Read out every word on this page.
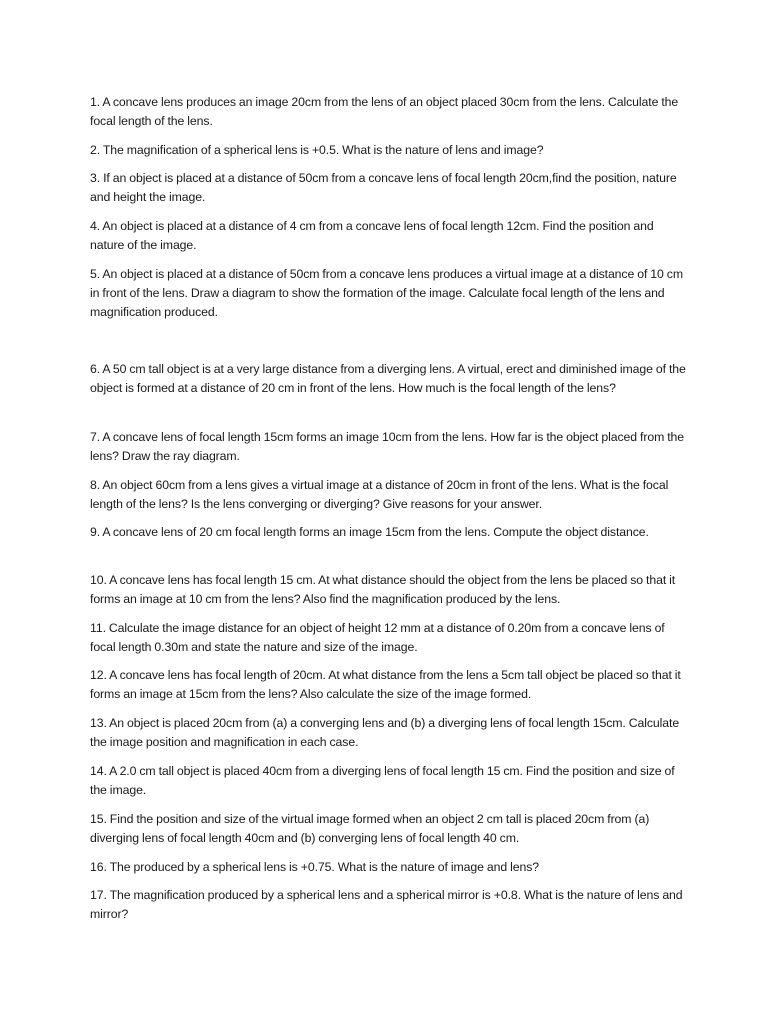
1. A concave lens produces an image 20cm from the lens of an object placed 30cm from the lens. Calculate the focal length of the lens.

2. The magnification of a spherical lens is +0.5. What is the nature of lens and image?

3. If an object is placed at a distance of 50cm from a concave lens of focal length 20cm,find the position, nature and height the image.

4. An object is placed at a distance of 4 cm from a concave lens of focal length 12cm. Find the position and nature of the image.

5. An object is placed at a distance of 50cm from a concave lens produces a virtual image at a distance of 10 cm in front of the lens. Draw a diagram to show the formation of the image. Calculate focal length of the lens and magnification produced.

6. A 50 cm tall object is at a very large distance from a diverging lens. A virtual, erect and diminished image of the object is formed at a distance of 20 cm in front of the lens. How much is the focal length of the lens?

7. A concave lens of focal length 15cm forms an image 10cm from the lens. How far is the object placed from the lens? Draw the ray diagram.

8. An object 60cm from a lens gives a virtual image at a distance of 20cm in front of the lens. What is the focal length of the lens? Is the lens converging or diverging? Give reasons for your answer.

9. A concave lens of 20 cm focal length forms an image 15cm from the lens. Compute the object distance.

10. A concave lens has focal length 15 cm. At what distance should the object from the lens be placed so that it forms an image at 10 cm from the lens? Also find the magnification produced by the lens.

11. Calculate the image distance for an object of height 12 mm at a distance of 0.20m from a concave lens of focal length 0.30m and state the nature and size of the image.

12. A concave lens has focal length of 20cm. At what distance from the lens a 5cm tall object be placed so that it forms an image at 15cm from the lens? Also calculate the size of the image formed.

13. An object is placed 20cm from (a) a converging lens and (b) a diverging lens of focal length 15cm. Calculate the image position and magnification in each case.

14. A 2.0 cm tall object is placed 40cm from a diverging lens of focal length 15 cm. Find the position and size of the image.

15. Find the position and size of the virtual image formed when an object 2 cm tall is placed 20cm from (a) diverging lens of focal length 40cm and (b) converging lens of focal length 40 cm.

16. The produced by a spherical lens is +0.75. What is the nature of image and lens?

17. The magnification produced by a spherical lens and a spherical mirror is +0.8. What is the nature of lens and mirror?
